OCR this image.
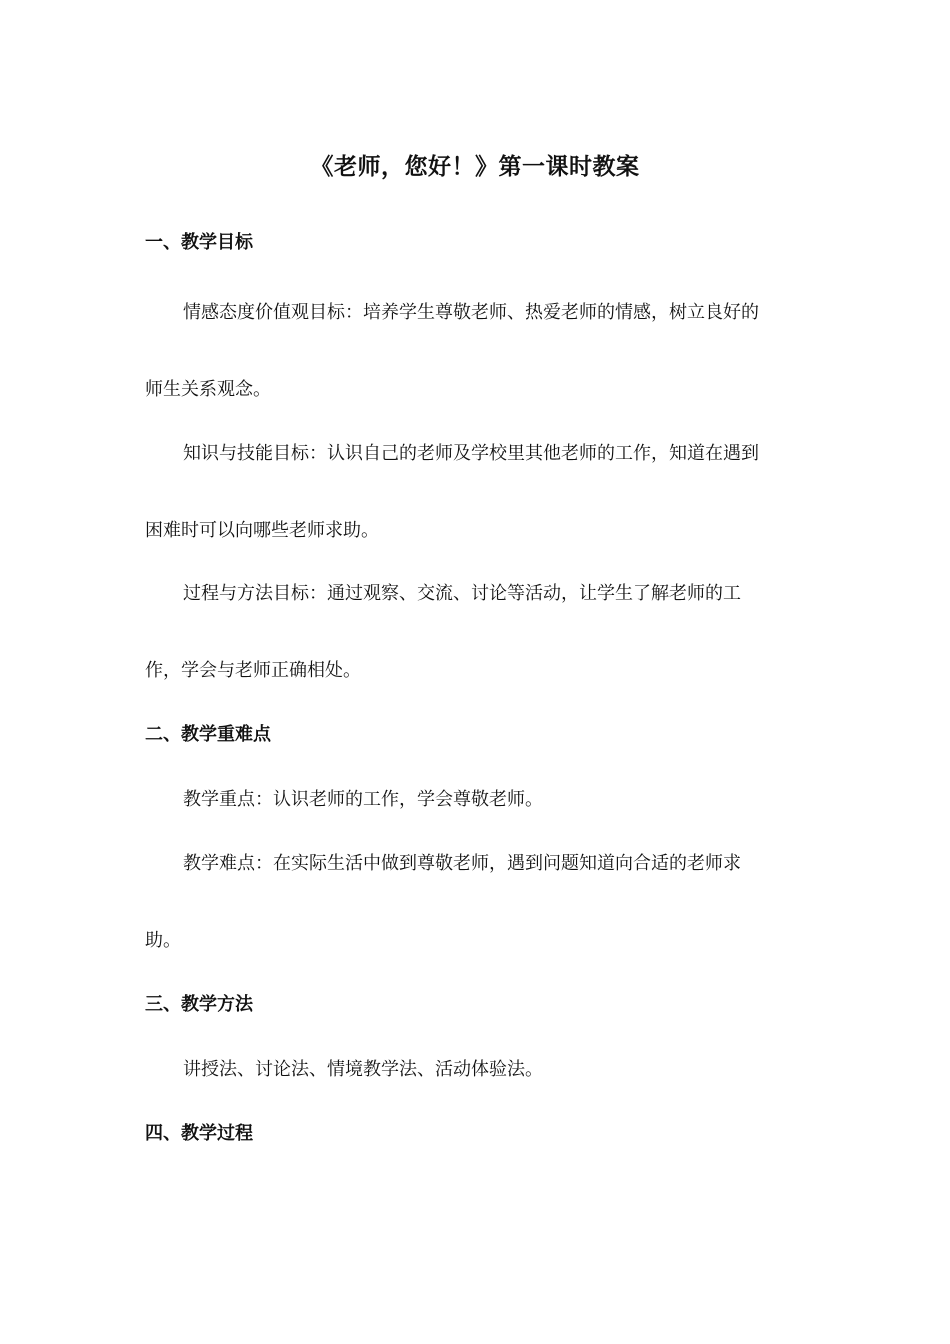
《老师，您好！》第一课时教案
一、教学目标
情感态度价值观目标：培养学生尊敬老师、热爱老师的情感，树立良好的
师生关系观念。
知识与技能目标：认识自己的老师及学校里其他老师的工作，知道在遇到
困难时可以向哪些老师求助。
过程与方法目标：通过观察、交流、讨论等活动，让学生了解老师的工
作，学会与老师正确相处。
二、教学重难点
教学重点：认识老师的工作，学会尊敬老师。
教学难点：在实际生活中做到尊敬老师，遇到问题知道向合适的老师求
助。
三、教学方法
讲授法、讨论法、情境教学法、活动体验法。
四、教学过程
